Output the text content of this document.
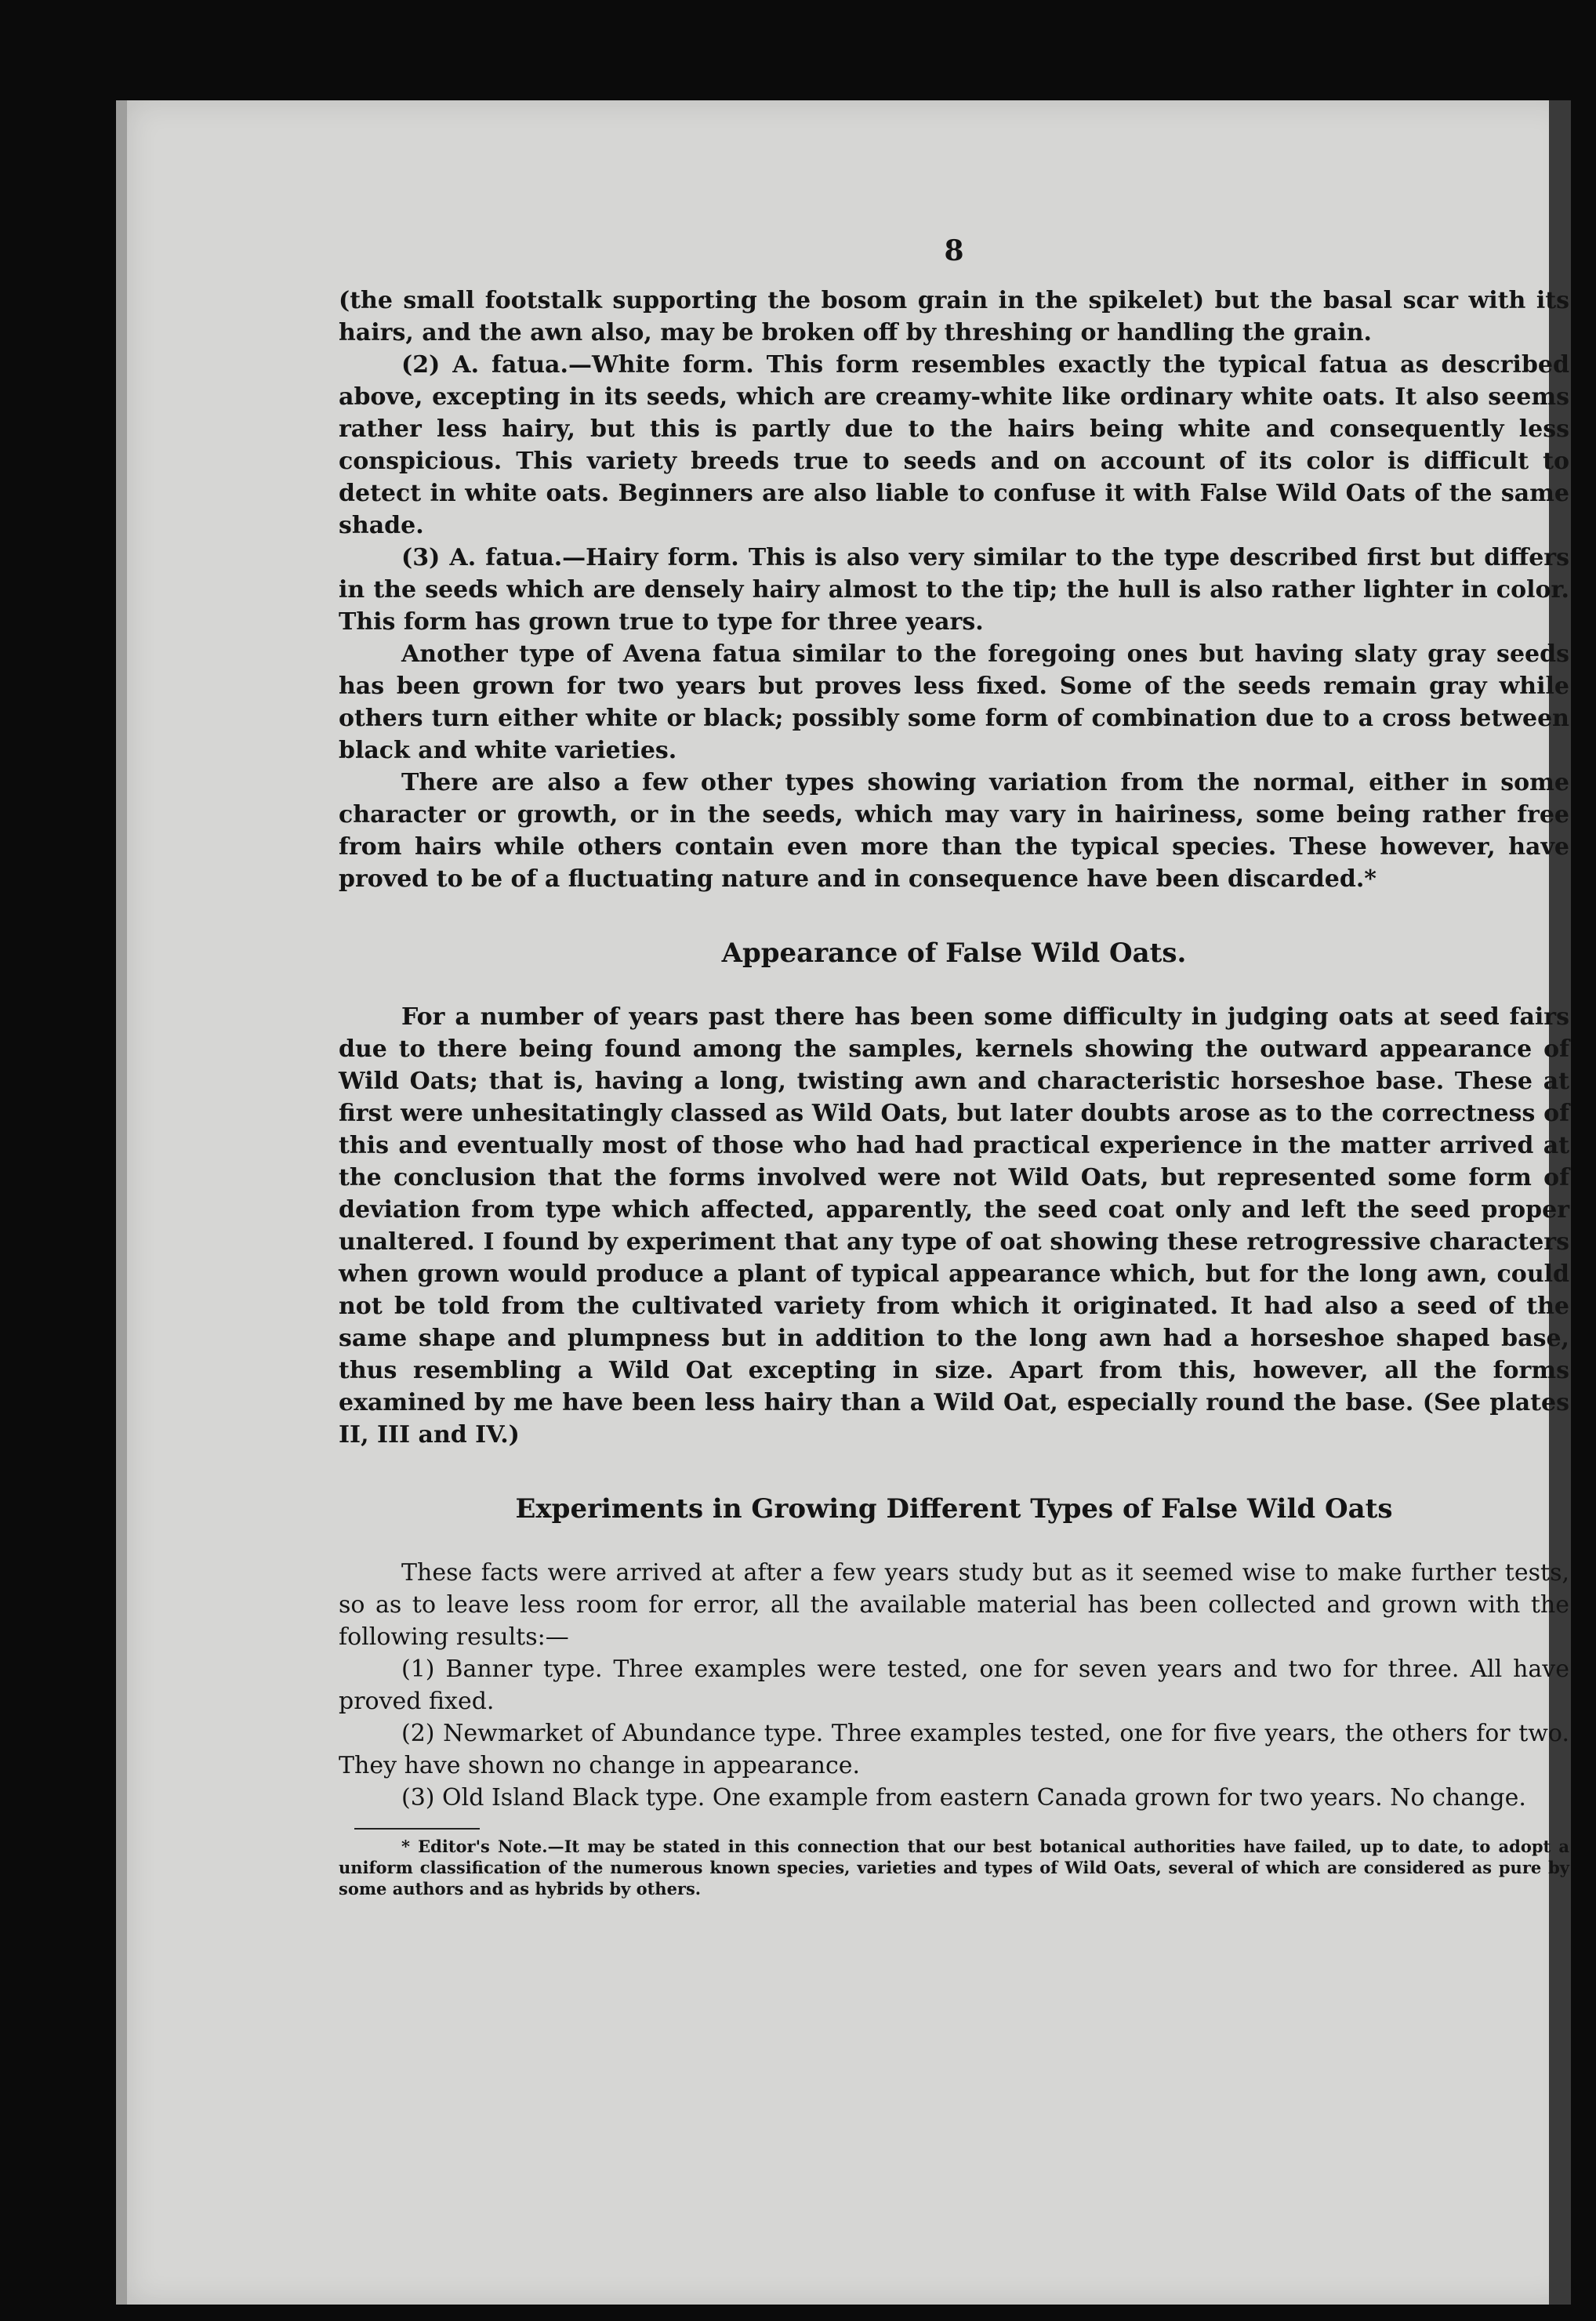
8

(the small footstalk supporting the bosom grain in the spikelet) but the basal scar with its hairs, and the awn also, may be broken off by threshing or handling the grain.

(2) A. fatua.—White form. This form resembles exactly the typical fatua as described above, excepting in its seeds, which are creamy-white like ordinary white oats. It also seems rather less hairy, but this is partly due to the hairs being white and consequently less conspicious. This variety breeds true to seeds and on account of its color is difficult to detect in white oats. Beginners are also liable to confuse it with False Wild Oats of the same shade.

(3) A. fatua.—Hairy form. This is also very similar to the type described first but differs in the seeds which are densely hairy almost to the tip; the hull is also rather lighter in color. This form has grown true to type for three years.

Another type of Avena fatua similar to the foregoing ones but having slaty gray seeds has been grown for two years but proves less fixed. Some of the seeds remain gray while others turn either white or black; possibly some form of combination due to a cross between black and white varieties.

There are also a few other types showing variation from the normal, either in some character or growth, or in the seeds, which may vary in hairiness, some being rather free from hairs while others contain even more than the typical species. These however, have proved to be of a fluctuating nature and in consequence have been discarded.*

Appearance of False Wild Oats.

For a number of years past there has been some difficulty in judging oats at seed fairs due to there being found among the samples, kernels showing the outward appearance of Wild Oats; that is, having a long, twisting awn and characteristic horseshoe base. These at first were unhesitatingly classed as Wild Oats, but later doubts arose as to the correctness of this and eventually most of those who had had practical experience in the matter arrived at the conclusion that the forms involved were not Wild Oats, but represented some form of deviation from type which affected, apparently, the seed coat only and left the seed proper unaltered. I found by experiment that any type of oat showing these retrogressive characters when grown would produce a plant of typical appearance which, but for the long awn, could not be told from the cultivated variety from which it originated. It had also a seed of the same shape and plumpness but in addition to the long awn had a horseshoe shaped base, thus resembling a Wild Oat excepting in size. Apart from this, however, all the forms examined by me have been less hairy than a Wild Oat, especially round the base. (See plates II, III and IV.)

Experiments in Growing Different Types of False Wild Oats

These facts were arrived at after a few years study but as it seemed wise to make further tests, so as to leave less room for error, all the available material has been collected and grown with the following results:—

(1) Banner type. Three examples were tested, one for seven years and two for three. All have proved fixed.

(2) Newmarket of Abundance type. Three examples tested, one for five years, the others for two. They have shown no change in appearance.

(3) Old Island Black type. One example from eastern Canada grown for two years. No change.

* Editor's Note.—It may be stated in this connection that our best botanical authorities have failed, up to date, to adopt a uniform classification of the numerous known species, varieties and types of Wild Oats, several of which are considered as pure by some authors and as hybrids by others.
